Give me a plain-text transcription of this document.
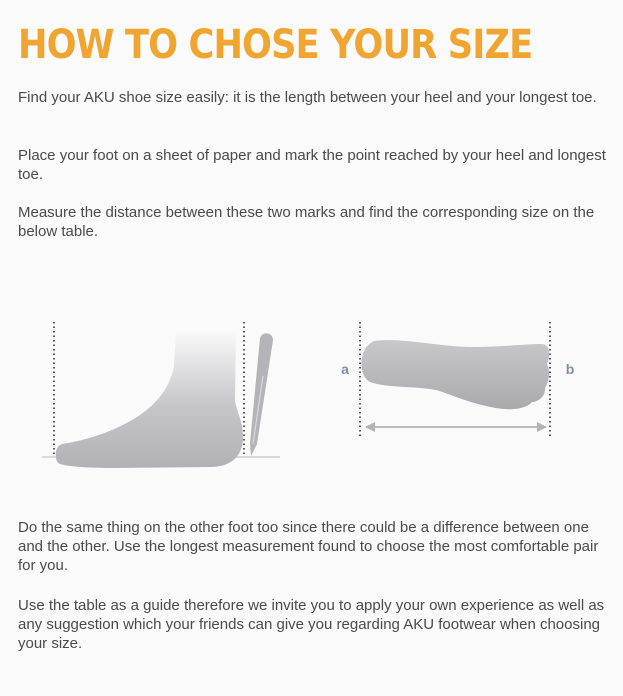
HOW TO CHOSE YOUR SIZE

Find your AKU shoe size easily: it is the length between your heel and your longest toe.

Place your foot on a sheet of paper and mark the point reached by your heel and longest toe.

Measure the distance between these two marks and find the corresponding size on the below table.

a	b

Do the same thing on the other foot too since there could be a difference between one and the other. Use the longest measurement found to choose the most comfortable pair for you.

Use the table as a guide therefore we invite you to apply your own experience as well as any suggestion which your friends can give you regarding AKU footwear when choosing your size.
